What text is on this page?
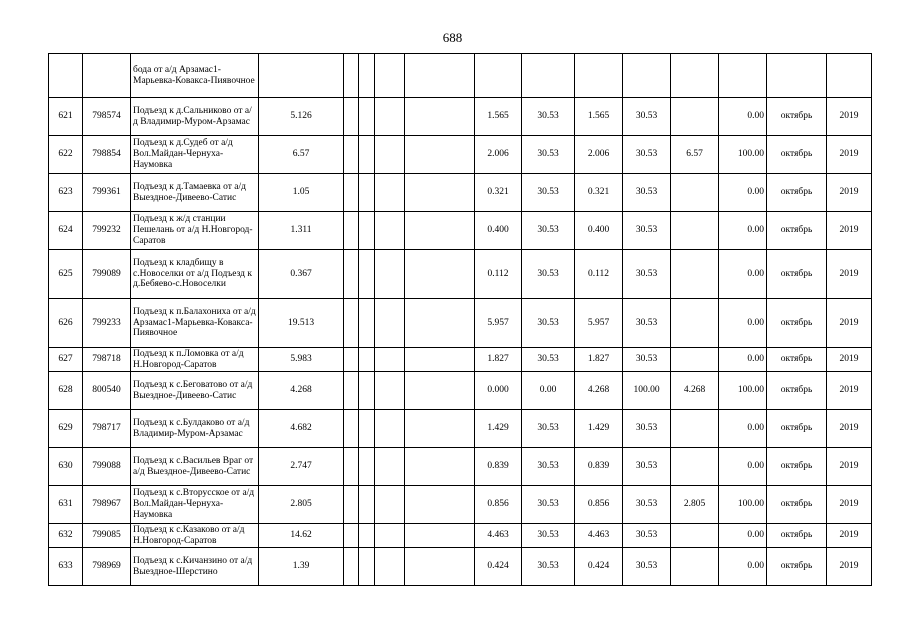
688
		бода от а/д Арзамас1-Марьевка-Ковакса-Пиявочное													
621	798574	Подъезд к д.Сальниково от а/д Владимир-Муром-Арзамас	5.126					1.565	30.53	1.565	30.53		0.00	октябрь	2019
622	798854	Подъезд к д.Судеб от а/д Вол.Майдан-Чернуха-Наумовка	6.57					2.006	30.53	2.006	30.53	6.57	100.00	октябрь	2019
623	799361	Подъезд к д.Тамаевка от а/д Выездное-Дивеево-Сатис	1.05					0.321	30.53	0.321	30.53		0.00	октябрь	2019
624	799232	Подъезд к ж/д станции Пешелань от а/д Н.Новгород-Саратов	1.311					0.400	30.53	0.400	30.53		0.00	октябрь	2019
625	799089	Подъезд к кладбищу в с.Новоселки от а/д Подъезд к д.Бебяево-с.Новоселки	0.367					0.112	30.53	0.112	30.53		0.00	октябрь	2019
626	799233	Подъезд к п.Балахониха от а/д Арзамас1-Марьевка-Ковакса-Пиявочное	19.513					5.957	30.53	5.957	30.53		0.00	октябрь	2019
627	798718	Подъезд к п.Ломовка от а/д Н.Новгород-Саратов	5.983					1.827	30.53	1.827	30.53		0.00	октябрь	2019
628	800540	Подъезд к с.Беговатово от а/д Выездное-Дивеево-Сатис	4.268					0.000	0.00	4.268	100.00	4.268	100.00	октябрь	2019
629	798717	Подъезд к с.Булдаково от а/д Владимир-Муром-Арзамас	4.682					1.429	30.53	1.429	30.53		0.00	октябрь	2019
630	799088	Подъезд к с.Васильев Враг от а/д Выездное-Дивеево-Сатис	2.747					0.839	30.53	0.839	30.53		0.00	октябрь	2019
631	798967	Подъезд к с.Вторусское от а/д Вол.Майдан-Чернуха-Наумовка	2.805					0.856	30.53	0.856	30.53	2.805	100.00	октябрь	2019
632	799085	Подъезд к с.Казаково от а/д Н.Новгород-Саратов	14.62					4.463	30.53	4.463	30.53		0.00	октябрь	2019
633	798969	Подъезд к с.Кичанзино от а/д Выездное-Шерстино	1.39					0.424	30.53	0.424	30.53		0.00	октябрь	2019
